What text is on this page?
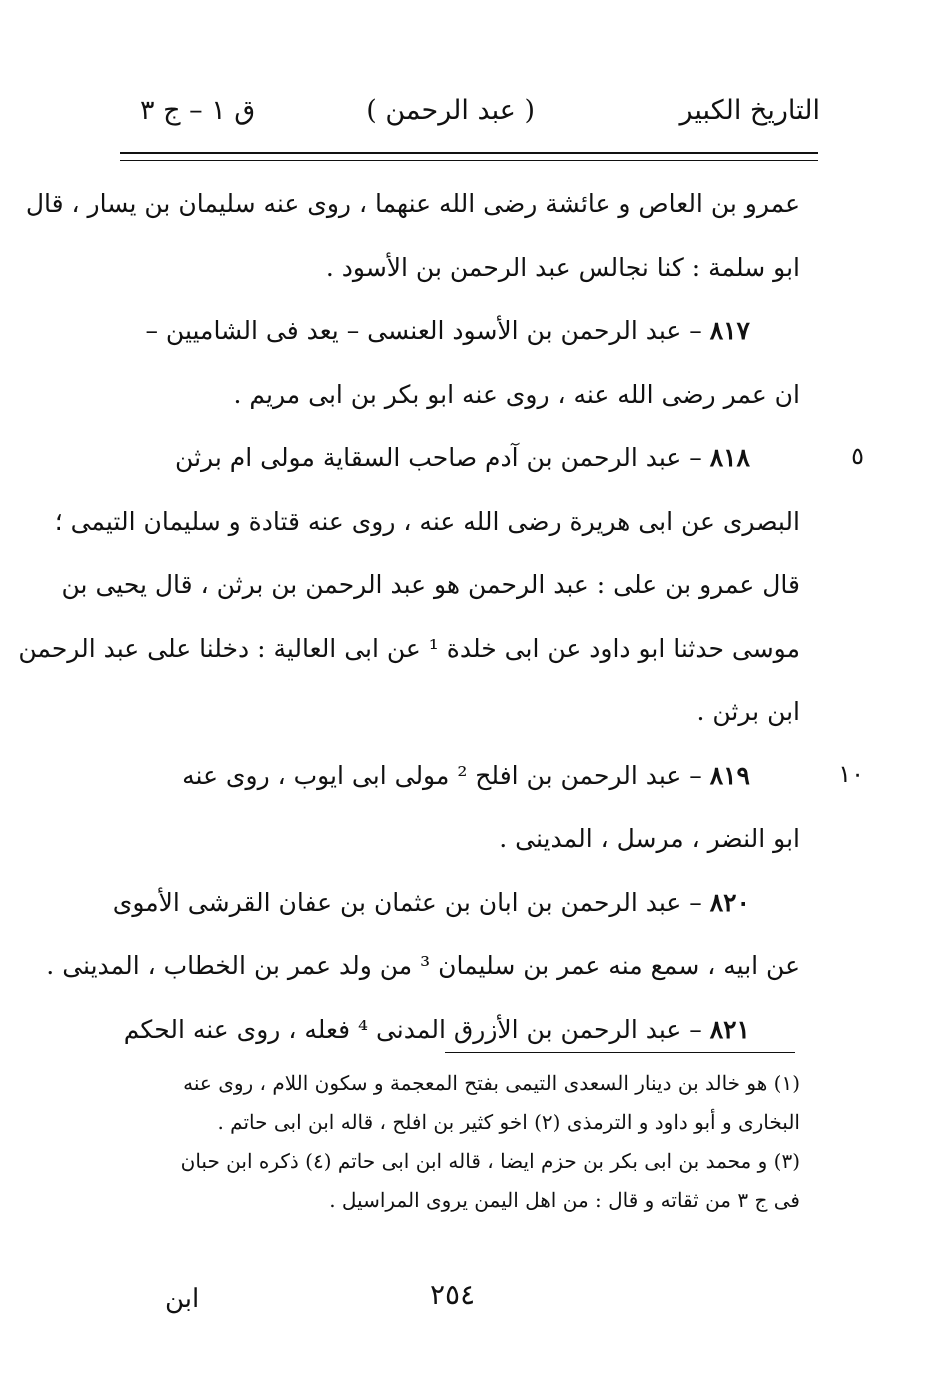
التاريخ الكبير
( عبد الرحمن )
ق ١ – ج ٣
عمرو بن العاص و عائشة رضى الله عنهما ، روى عنه سليمان بن يسار ، قال
ابو سلمة : كنا نجالس عبد الرحمن بن الأسود .
٨١٧ – عبد الرحمن بن الأسود العنسى – يعد فى الشاميين –
ان عمر رضى الله عنه ، روى عنه ابو بكر بن ابى مريم .
٨١٨ – عبد الرحمن بن آدم صاحب السقاية مولى ام برثن
البصرى عن ابى هريرة رضى الله عنه ، روى عنه قتادة و سليمان التيمى ؛
قال عمرو بن على : عبد الرحمن هو عبد الرحمن بن برثن ، قال يحيى بن
موسى حدثنا ابو داود عن ابى خلدة ¹ عن ابى العالية : دخلنا على عبد الرحمن
ابن برثن .
٨١٩ – عبد الرحمن بن افلح ² مولى ابى ايوب ، روى عنه
ابو النضر ، مرسل ، المدينى .
٨٢٠ – عبد الرحمن بن ابان بن عثمان بن عفان القرشى الأموى
عن ابيه ، سمع منه عمر بن سليمان ³ من ولد عمر بن الخطاب ، المدينى .
٨٢١ – عبد الرحمن بن الأزرق المدنى ⁴ فعله ، روى عنه الحكم
٥
١٠
(١) هو خالد بن دينار السعدى التيمى بفتح المعجمة و سكون اللام ، روى عنه
البخارى و أبو داود و الترمذى (٢) اخو كثير بن افلح ، قاله ابن ابى حاتم .
(٣) و محمد بن ابى بكر بن حزم ايضا ، قاله ابن ابى حاتم (٤) ذكره ابن حبان
فى ج ٣ من ثقاته و قال : من اهل اليمن يروى المراسيل .
ابن	٢٥٤
